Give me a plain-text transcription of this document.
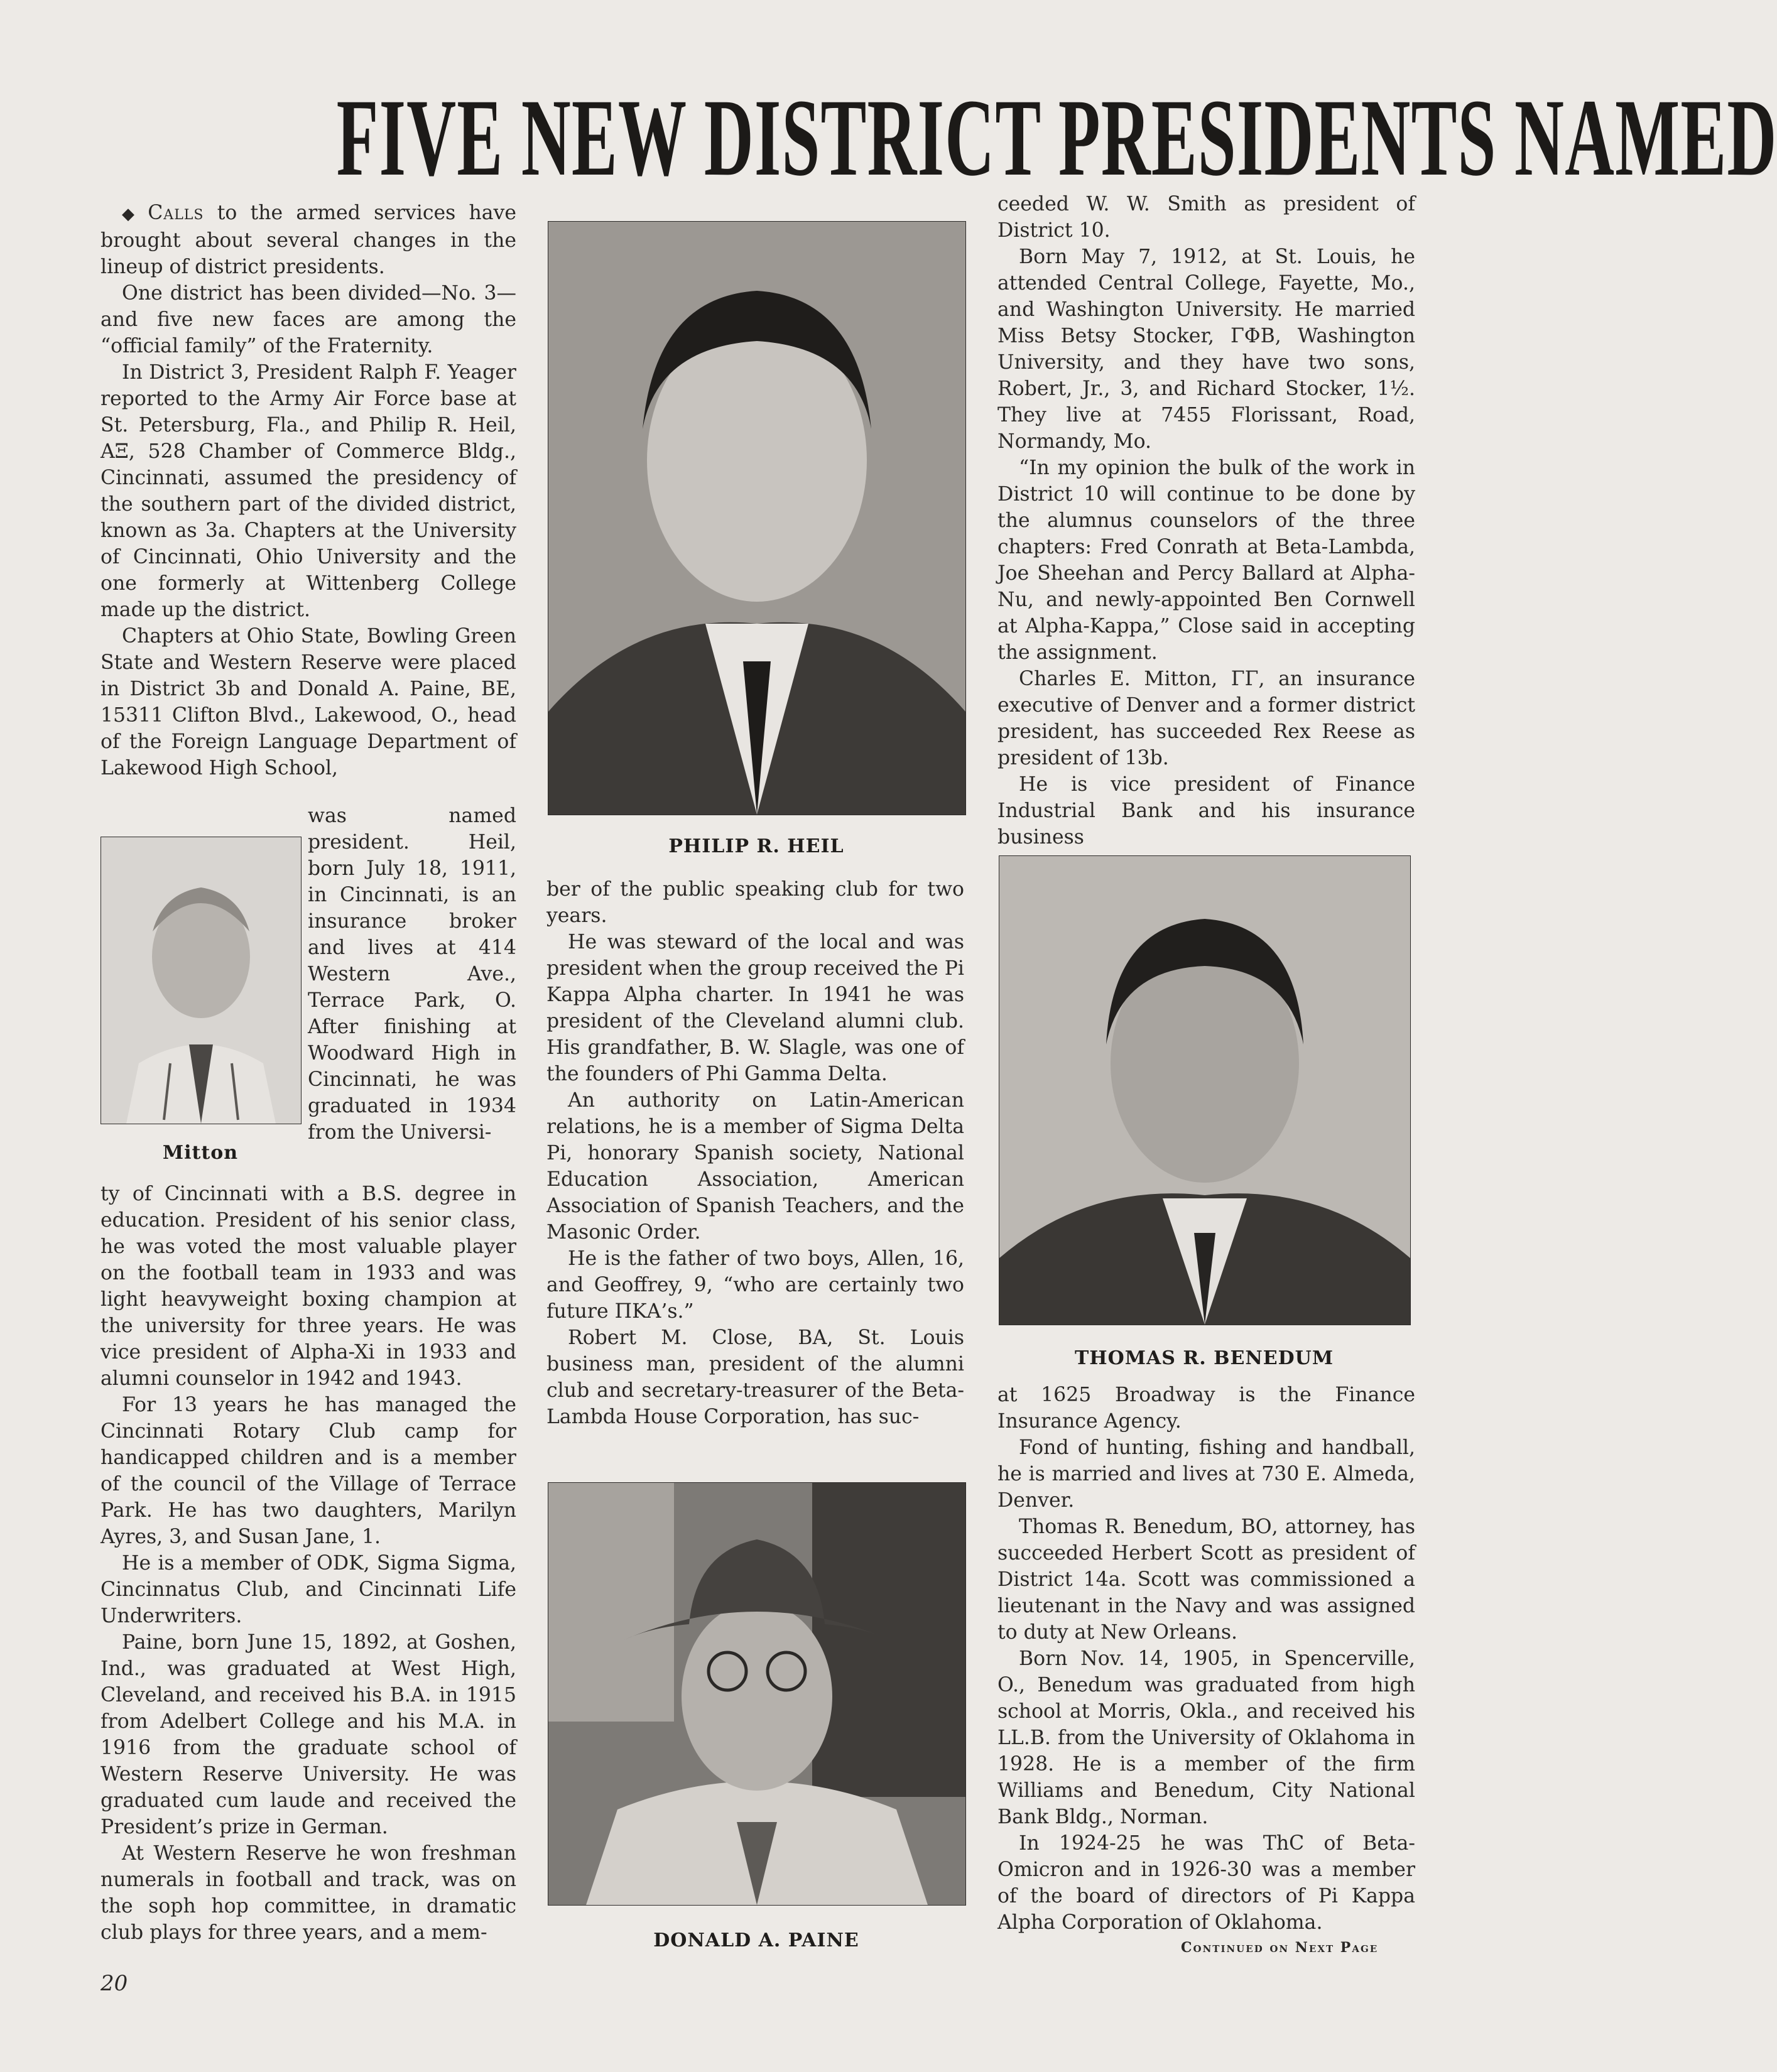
FIVE NEW DISTRICT PRESIDENTS NAMED

◆ Calls to the armed services have brought about several changes in the lineup of district presidents.

One district has been divided—No. 3—and five new faces are among the “official family” of the Fraternity.

In District 3, President Ralph F. Yeager reported to the Army Air Force base at St. Petersburg, Fla., and Philip R. Heil, ΑΞ, 528 Chamber of Commerce Bldg., Cincinnati, assumed the presidency of the southern part of the divided district, known as 3a. Chapters at the University of Cincinnati, Ohio University and the one formerly at Wittenberg College made up the district.

Chapters at Ohio State, Bowling Green State and Western Reserve were placed in District 3b and Donald A. Paine, ΒΕ, 15311 Clifton Blvd., Lakewood, O., head of the Foreign Language Department of Lakewood High School,

Mitton

was named president. Heil, born July 18, 1911, in Cincinnati, is an insurance broker and lives at 414 Western Ave., Terrace Park, O. After finishing at Woodward High in Cincinnati, he was graduated in 1934 from the Universi-

ty of Cincinnati with a B.S. degree in education. President of his senior class, he was voted the most valuable player on the football team in 1933 and was light heavyweight boxing champion at the university for three years. He was vice president of Alpha-Xi in 1933 and alumni counselor in 1942 and 1943.

For 13 years he has managed the Cincinnati Rotary Club camp for handicapped children and is a member of the council of the Village of Terrace Park. He has two daughters, Marilyn Ayres, 3, and Susan Jane, 1.

He is a member of ODK, Sigma Sigma, Cincinnatus Club, and Cincinnati Life Underwriters.

Paine, born June 15, 1892, at Goshen, Ind., was graduated at West High, Cleveland, and received his B.A. in 1915 from Adelbert College and his M.A. in 1916 from the graduate school of Western Reserve University. He was graduated cum laude and received the President’s prize in German.

At Western Reserve he won freshman numerals in football and track, was on the soph hop committee, in dramatic club plays for three years, and a mem-

PHILIP R. HEIL

ber of the public speaking club for two years.

He was steward of the local and was president when the group received the Pi Kappa Alpha charter. In 1941 he was president of the Cleveland alumni club. His grandfather, B. W. Slagle, was one of the founders of Phi Gamma Delta.

An authority on Latin-American relations, he is a member of Sigma Delta Pi, honorary Spanish society, National Education Association, American Association of Spanish Teachers, and the Masonic Order.

He is the father of two boys, Allen, 16, and Geoffrey, 9, “who are certainly two future ΠΚΑ’s.”

Robert M. Close, ΒΑ, St. Louis business man, president of the alumni club and secretary-treasurer of the Beta-Lambda House Corporation, has suc-

DONALD A. PAINE

ceeded W. W. Smith as president of District 10.

Born May 7, 1912, at St. Louis, he attended Central College, Fayette, Mo., and Washington University. He married Miss Betsy Stocker, ΓΦΒ, Washington University, and they have two sons, Robert, Jr., 3, and Richard Stocker, 1½. They live at 7455 Florissant, Road, Normandy, Mo.

“In my opinion the bulk of the work in District 10 will continue to be done by the alumnus counselors of the three chapters: Fred Conrath at Beta-Lambda, Joe Sheehan and Percy Ballard at Alpha-Nu, and newly-appointed Ben Cornwell at Alpha-Kappa,” Close said in accepting the assignment.

Charles E. Mitton, ΓΓ, an insurance executive of Denver and a former district president, has succeeded Rex Reese as president of 13b.

He is vice president of Finance Industrial Bank and his insurance business

THOMAS R. BENEDUM

at 1625 Broadway is the Finance Insurance Agency.

Fond of hunting, fishing and handball, he is married and lives at 730 E. Almeda, Denver.

Thomas R. Benedum, ΒΟ, attorney, has succeeded Herbert Scott as president of District 14a. Scott was commissioned a lieutenant in the Navy and was assigned to duty at New Orleans.

Born Nov. 14, 1905, in Spencerville, O., Benedum was graduated from high school at Morris, Okla., and received his LL.B. from the University of Oklahoma in 1928. He is a member of the firm Williams and Benedum, City National Bank Bldg., Norman.

In 1924-25 he was ThC of Beta-Omicron and in 1926-30 was a member of the board of directors of Pi Kappa Alpha Corporation of Oklahoma.

Continued on Next Page
20
